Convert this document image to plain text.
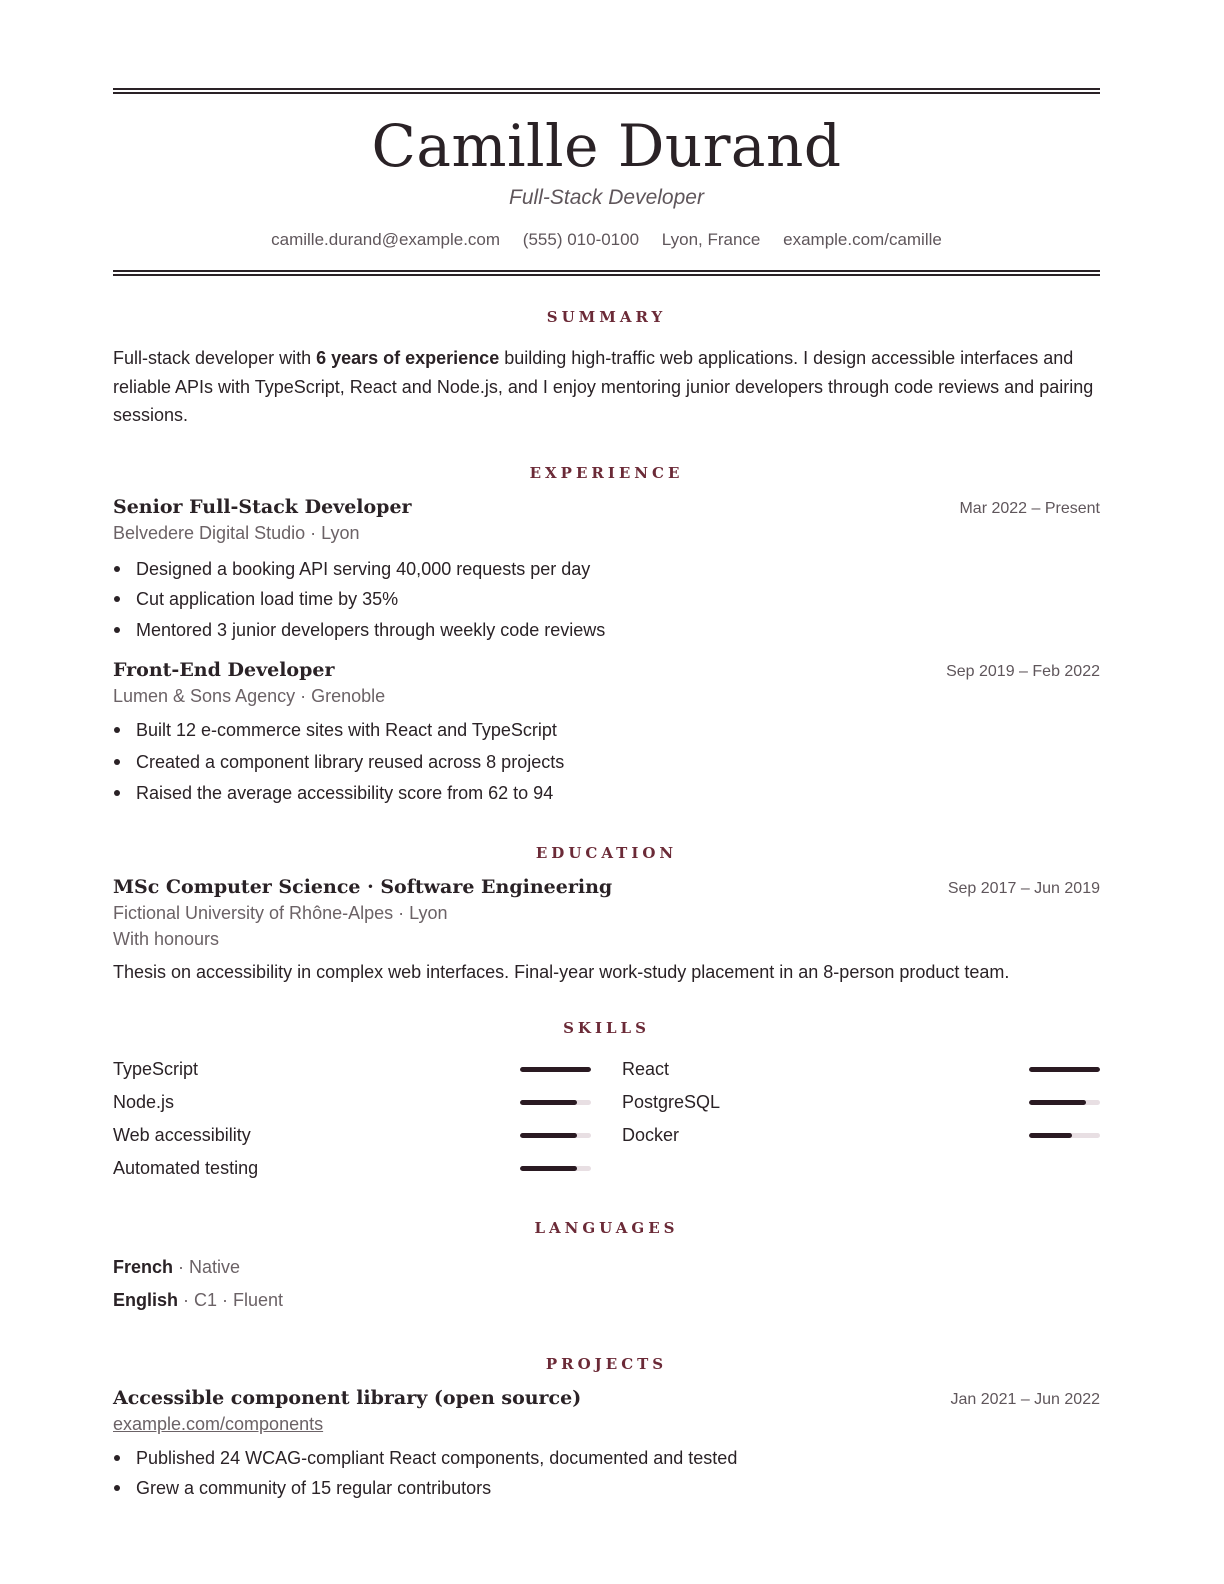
Camille Durand
Full-Stack Developer
camille.durand@example.com (555) 010-0100 Lyon, France example.com/camille
SUMMARY
Full-stack developer with 6 years of experience building high-traffic web applications. I design accessible interfaces and reliable APIs with TypeScript, React and Node.js, and I enjoy mentoring junior developers through code reviews and pairing sessions.
EXPERIENCE
Senior Full-Stack Developer	Mar 2022 – Present
Belvedere Digital Studio · Lyon
Designed a booking API serving 40,000 requests per day
Cut application load time by 35%
Mentored 3 junior developers through weekly code reviews
Front-End Developer	Sep 2019 – Feb 2022
Lumen & Sons Agency · Grenoble
Built 12 e-commerce sites with React and TypeScript
Created a component library reused across 8 projects
Raised the average accessibility score from 62 to 94
EDUCATION
MSc Computer Science · Software Engineering	Sep 2017 – Jun 2019
Fictional University of Rhône-Alpes · Lyon
With honours
Thesis on accessibility in complex web interfaces. Final-year work-study placement in an 8-person product team.
SKILLS
TypeScript	React
Node.js	PostgreSQL
Web accessibility	Docker
Automated testing
LANGUAGES
French · Native
English · C1 · Fluent
PROJECTS
Accessible component library (open source)	Jan 2021 – Jun 2022
example.com/components
Published 24 WCAG-compliant React components, documented and tested
Grew a community of 15 regular contributors
